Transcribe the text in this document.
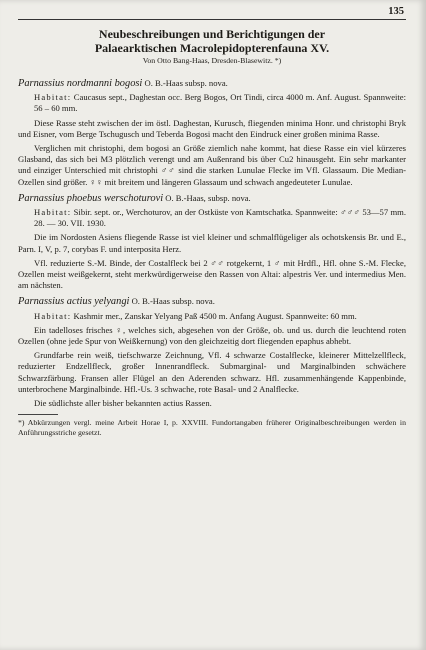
135
Neubeschreibungen und Berichtigungen der
Palaearktischen Macrolepidopterenfauna XV.
Von Otto Bang-Haas, Dresden-Blasewitz. *)

Parnassius nordmanni bogosi O. B.-Haas subsp. nova.

Habitat: Caucasus sept., Daghestan occ. Berg Bogos, Ort Tindi, circa 4000 m. Anf. August. Spannweite: 56 – 60 mm.

Diese Rasse steht zwischen der im östl. Daghestan, Kurusch, fliegenden minima Honr. und christophi Bryk und Eisner, vom Berge Tschugusch und Teberda Bogosi macht den Eindruck einer großen minima Rasse.

Verglichen mit christophi, dem bogosi an Größe ziemlich nahe kommt, hat diese Rasse ein viel kürzeres Glasband, das sich bei M3 plötzlich verengt und am Außenrand bis über Cu2 hinausgeht. Ein sehr markanter und einziger Unterschied mit christophi ♂♂ sind die starken Lunulae Flecke im Vfl. Glassaum. Die Median-Ozellen sind größer. ♀♀ mit breitem und längeren Glassaum und schwach angedeuteter Lunulae.

Parnassius phoebus werschoturovi O. B.-Haas, subsp. nova.

Habitat: Sibir. sept. or., Werchoturov, an der Ostküste von Kamtschatka. Spannweite: ♂♂♂ 53—57 mm. 28. — 30. VII. 1930.

Die im Nordosten Asiens fliegende Rasse ist viel kleiner und schmalflügeliger als ochotskensis Br. und E., Parn. I, V, p. 7, corybas F. und interposita Herz.

Vfl. reduzierte S.-M. Binde, der Costalfleck bei 2 ♂♂ rotgekernt, 1 ♂ mit Hrdfl., Hfl. ohne S.-M. Flecke, Ozellen meist weißgekernt, steht merkwürdigerweise den Rassen von Altai: alpestris Ver. und intermedius Men. am nächsten.

Parnassius actius yelyangi O. B.-Haas subsp. nova.

Habitat: Kashmir mer., Zanskar Yelyang Paß 4500 m. Anfang August. Spannweite: 60 mm.

Ein tadelloses frisches ♀, welches sich, abgesehen von der Größe, ob. und us. durch die leuchtend roten Ozellen (ohne jede Spur von Weißkernung) von den gleichzeitig dort fliegenden epaphus abhebt.

Grundfarbe rein weiß, tiefschwarze Zeichnung, Vfl. 4 schwarze Costalflecke, kleinerer Mittelzellfleck, reduzierter Endzellfleck, großer Innenrandfleck. Submarginal- und Marginalbinden schwächere Schwarzfärbung. Fransen aller Flügel an den Aderenden schwarz. Hfl. zusammenhängende Kappenbinde, unterbrochene Marginalbinde. Hfl.-Us. 3 schwache, rote Basal- und 2 Analflecke.

Die südlichste aller bisher bekannten actius Rassen.

*) Abkürzungen vergl. meine Arbeit Horae I, p. XXVIII. Fundortangaben früherer Originalbeschreibungen werden in Anführungsstriche gesetzt.
